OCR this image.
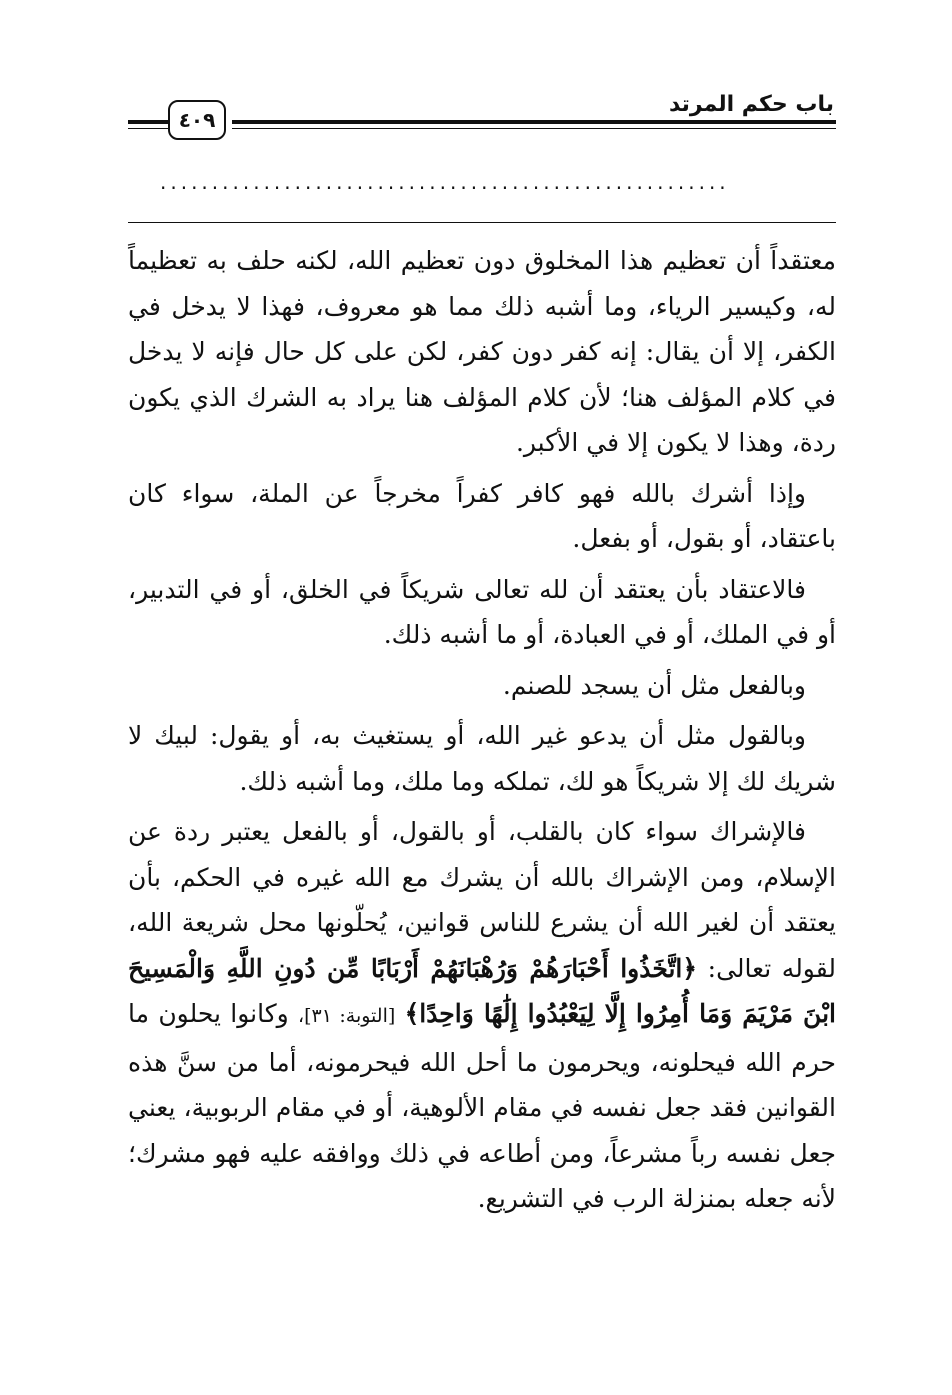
باب حكم المرتد
٤٠٩
.......................................................

معتقداً أن تعظيم هذا المخلوق دون تعظيم الله، لكنه حلف به تعظيماً له، وكيسير الرياء، وما أشبه ذلك مما هو معروف، فهذا لا يدخل في الكفر، إلا أن يقال: إنه كفر دون كفر، لكن على كل حال فإنه لا يدخل في كلام المؤلف هنا؛ لأن كلام المؤلف هنا يراد به الشرك الذي يكون ردة، وهذا لا يكون إلا في الأكبر.

وإذا أشرك بالله فهو كافر كفراً مخرجاً عن الملة، سواء كان باعتقاد، أو بقول، أو بفعل.

فالاعتقاد بأن يعتقد أن لله تعالى شريكاً في الخلق، أو في التدبير، أو في الملك، أو في العبادة، أو ما أشبه ذلك.

وبالفعل مثل أن يسجد للصنم.

وبالقول مثل أن يدعو غير الله، أو يستغيث به، أو يقول: لبيك لا شريك لك إلا شريكاً هو لك، تملكه وما ملك، وما أشبه ذلك.

فالإشراك سواء كان بالقلب، أو بالقول، أو بالفعل يعتبر ردة عن الإسلام، ومن الإشراك بالله أن يشرك مع الله غيره في الحكم، بأن يعتقد أن لغير الله أن يشرع للناس قوانين، يُحلّونها محل شريعة الله، لقوله تعالى: ﴿اتَّخَذُوا أَحْبَارَهُمْ وَرُهْبَانَهُمْ أَرْبَابًا مِّن دُونِ اللَّهِ وَالْمَسِيحَ ابْنَ مَرْيَمَ وَمَا أُمِرُوا إِلَّا لِيَعْبُدُوا إِلَٰهًا وَاحِدًا﴾ [التوبة: ٣١]، وكانوا يحلون ما حرم الله فيحلونه، ويحرمون ما أحل الله فيحرمونه، أما من سنَّ هذه القوانين فقد جعل نفسه في مقام الألوهية، أو في مقام الربوبية، يعني جعل نفسه رباً مشرعاً، ومن أطاعه في ذلك ووافقه عليه فهو مشرك؛ لأنه جعله بمنزلة الرب في التشريع.
